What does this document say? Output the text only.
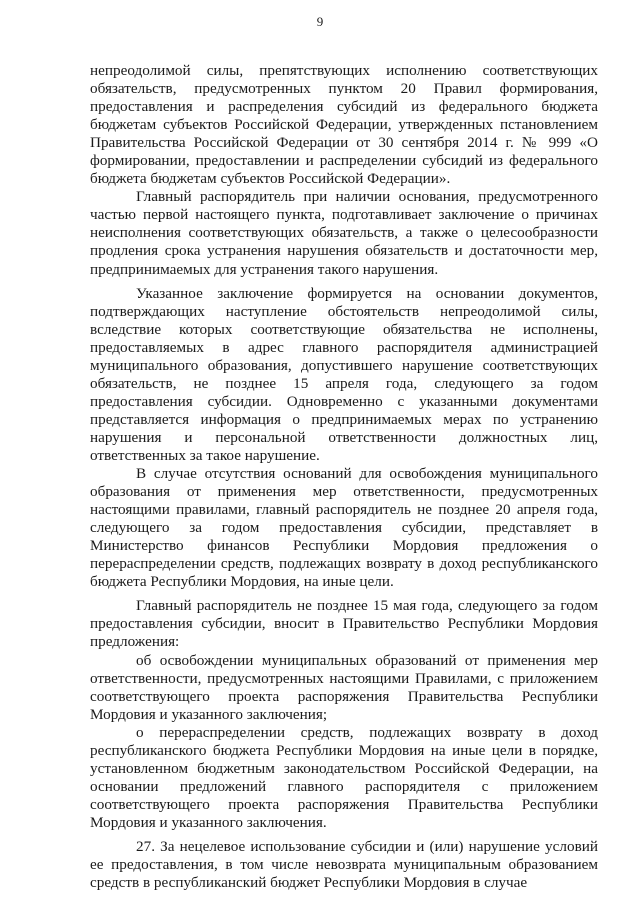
9

непреодолимой силы, препятствующих исполнению соответствующих обязательств, предусмотренных пунктом 20 Правил формирования, предоставления и распределения субсидий из федерального бюджета бюджетам субъектов Российской Федерации, утвержденных пстановлением Правительства Российской Федерации от 30 сентября 2014 г. № 999 «О формировании, предоставлении и распределении субсидий из федерального бюджета бюджетам субъектов Российской Федерации».

Главный распорядитель при наличии основания, предусмотренного частью первой настоящего пункта, подготавливает заключение о причинах неисполнения соответствующих обязательств, а также о целесообразности продления срока устранения нарушения обязательств и достаточности мер, предпринимаемых для устранения такого нарушения.

Указанное заключение формируется на основании документов, подтверждающих наступление обстоятельств непреодолимой силы, вследствие которых соответствующие обязательства не исполнены, предоставляемых в адрес главного распорядителя администрацией муниципального образования, допустившего нарушение соответствующих обязательств, не позднее 15 апреля года, следующего за годом предоставления субсидии. Одновременно с указанными документами представляется информация о предпринимаемых мерах по устранению нарушения и персональной ответственности должностных лиц, ответственных за такое нарушение.

В случае отсутствия оснований для освобождения муниципального образования от применения мер ответственности, предусмотренных настоящими правилами, главный распорядитель не позднее 20 апреля года, следующего за годом предоставления субсидии, представляет в Министерство финансов Республики Мордовия предложения о перераспределении средств, подлежащих возврату в доход республиканского бюджета Республики Мордовия, на иные цели.

Главный распорядитель не позднее 15 мая года, следующего за годом предоставления субсидии, вносит в Правительство Республики Мордовия предложения:

об освобождении муниципальных образований от применения мер ответственности, предусмотренных настоящими Правилами, с приложением соответствующего проекта распоряжения Правительства Республики Мордовия и указанного заключения;

о перераспределении средств, подлежащих возврату в доход республиканского бюджета Республики Мордовия на иные цели в порядке, установленном бюджетным законодательством Российской Федерации, на основании предложений главного распорядителя с приложением соответствующего проекта распоряжения Правительства Республики Мордовия и указанного заключения.

27. За нецелевое использование субсидии и (или) нарушение условий ее предоставления, в том числе невозврата муниципальным образованием средств в республиканский бюджет Республики Мордовия в случае
